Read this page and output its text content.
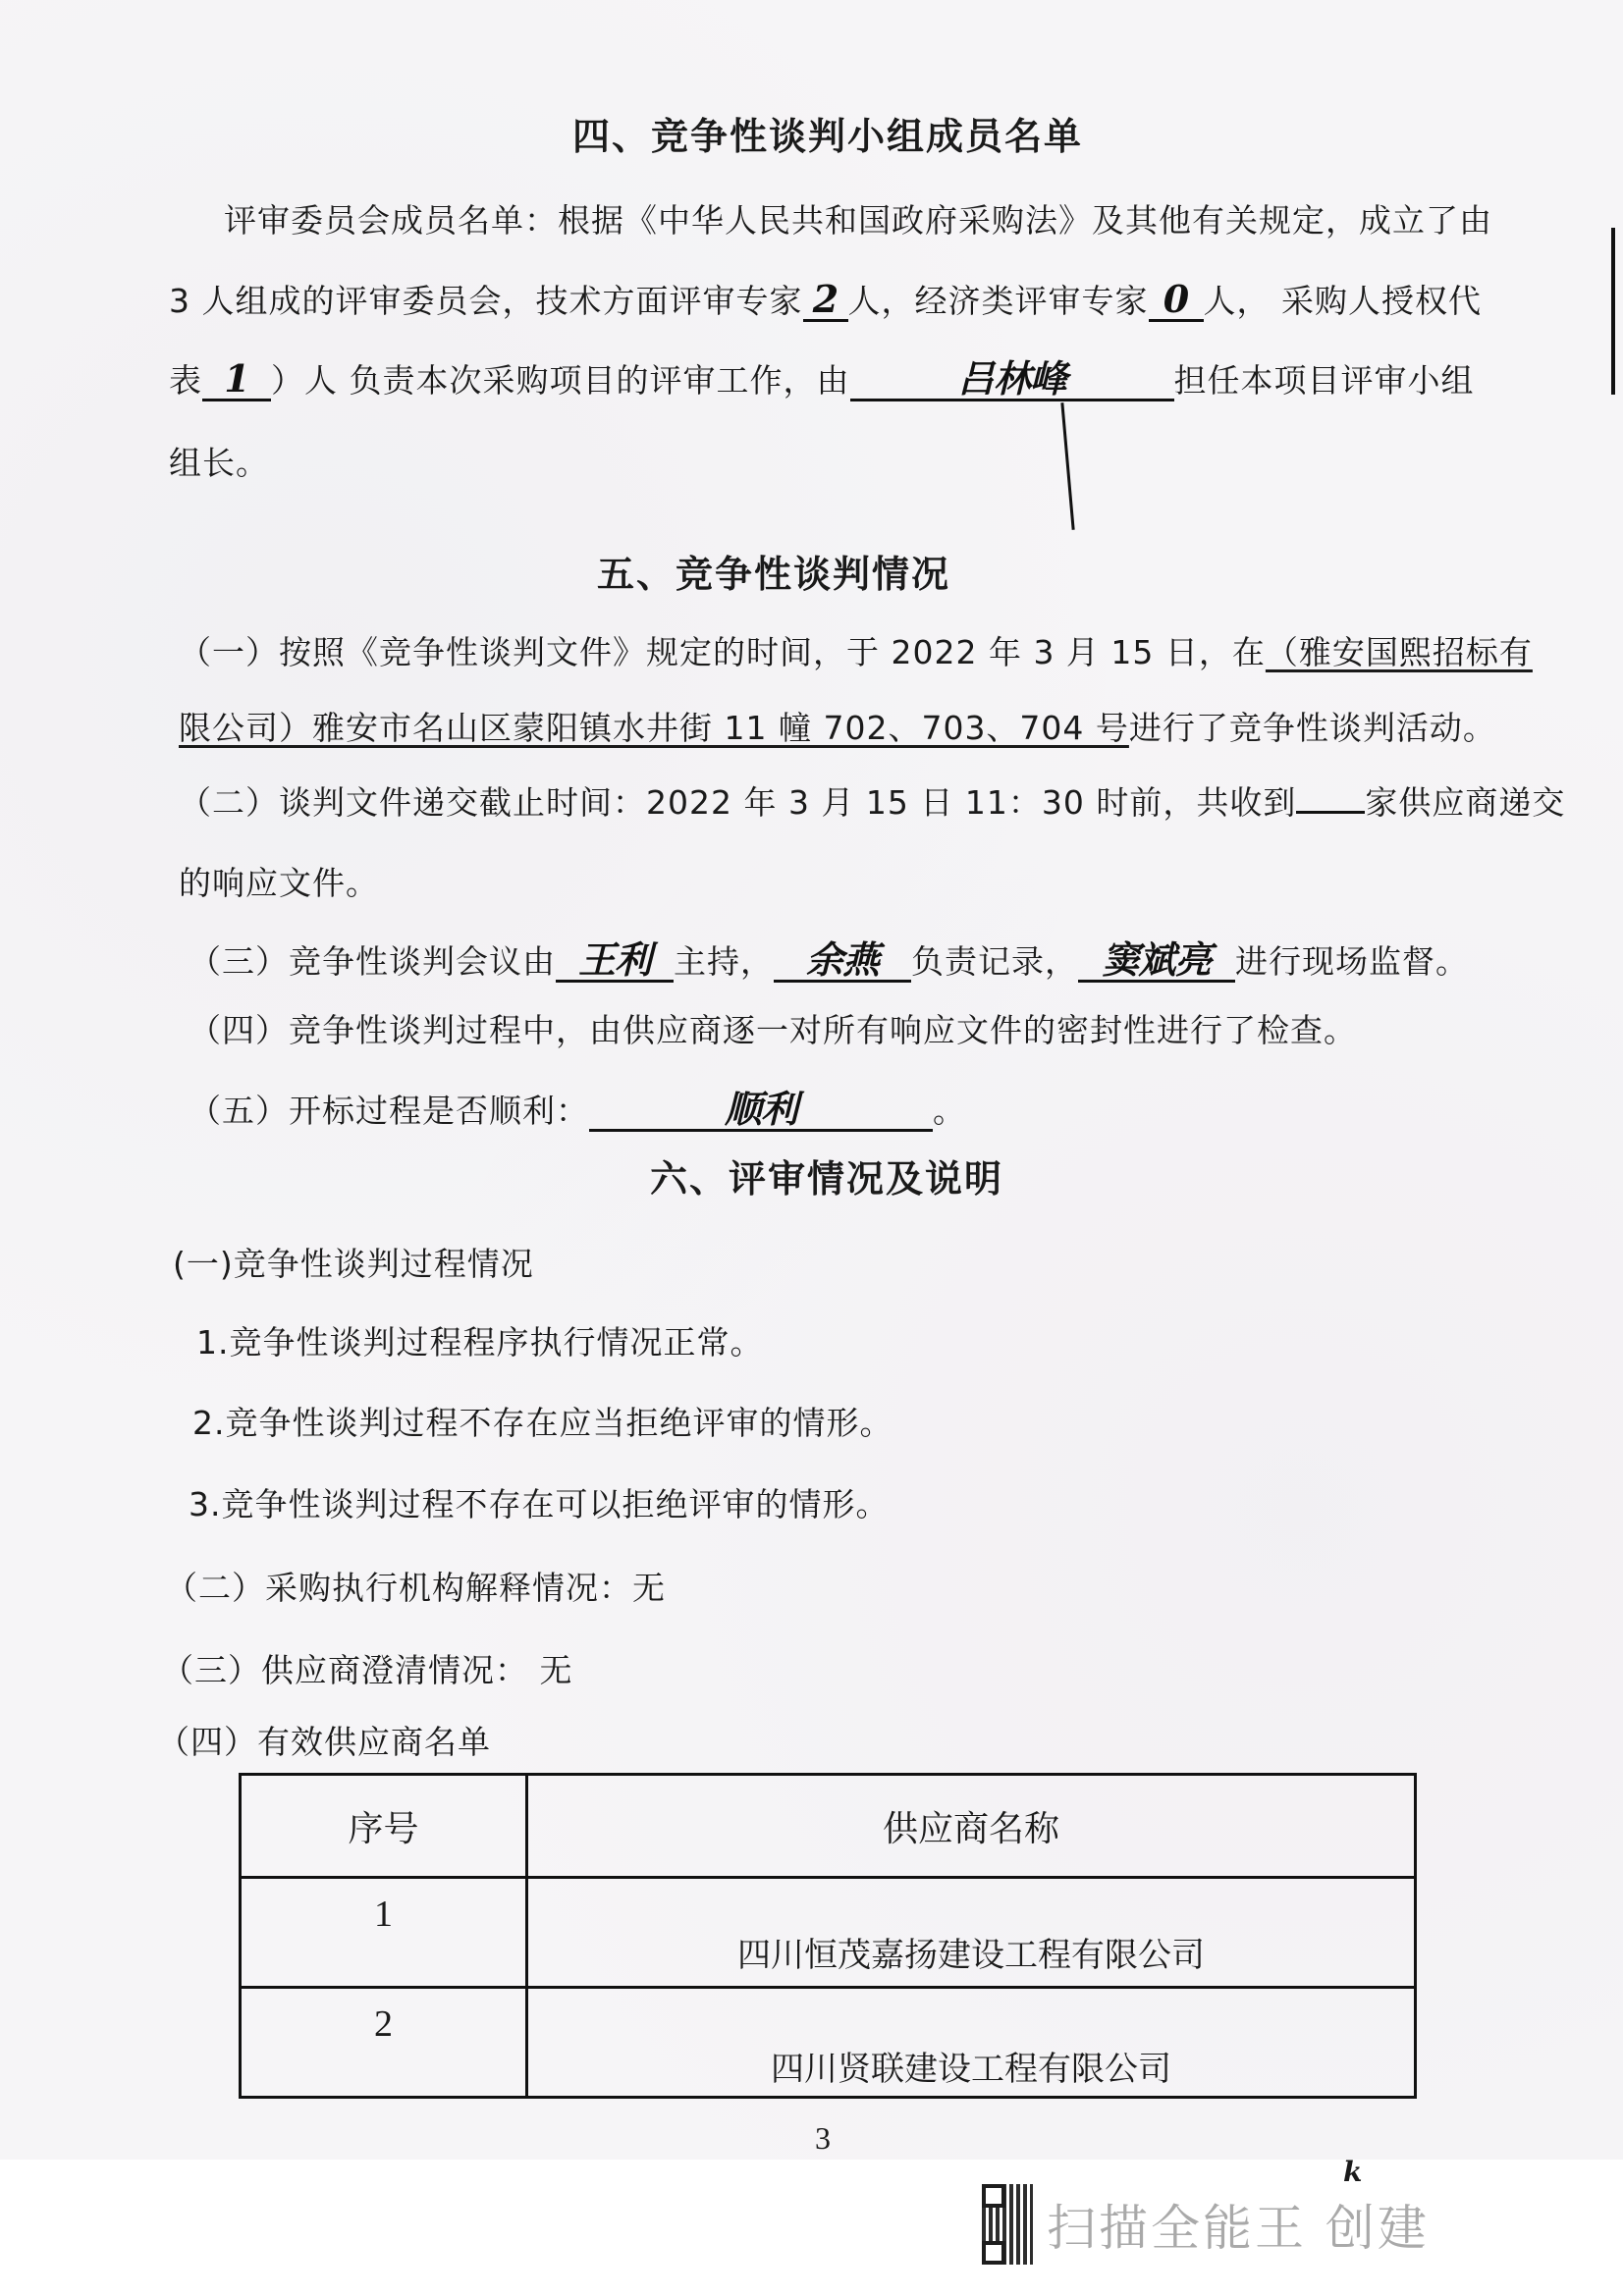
四、竞争性谈判小组成员名单
评审委员会成员名单：根据《中华人民共和国政府采购法》及其他有关规定，成立了由
3 人组成的评审委员会，技术方面评审专家 2 人，经济类评审专家 0 人， 采购人授权代
表 1 ）人 负责本次采购项目的评审工作，由	吕林峰	担任本项目评审小组
组长。
五、竞争性谈判情况
（一）按照《竞争性谈判文件》规定的时间，于 2022 年 3 月 15 日，在（雅安国熙招标有
限公司）雅安市名山区蒙阳镇水井街 11 幢 702、703、704 号进行了竞争性谈判活动。
（二）谈判文件递交截止时间：2022 年 3 月 15 日 11：30 时前，共收到 家供应商递交
的响应文件。
（三）竞争性谈判会议由 王利 主持， 余燕 负责记录， 窦斌亮 进行现场监督。
（四）竞争性谈判过程中，由供应商逐一对所有响应文件的密封性进行了检查。
（五）开标过程是否顺利：	顺利	。
六、评审情况及说明
(一)竞争性谈判过程情况
1.竞争性谈判过程程序执行情况正常。
2.竞争性谈判过程不存在应当拒绝评审的情形。
3.竞争性谈判过程不存在可以拒绝评审的情形。
（二）采购执行机构解释情况：无
（三）供应商澄清情况： 无
（四）有效供应商名单
序号	供应商名称
1	四川恒茂嘉扬建设工程有限公司
2	四川贤联建设工程有限公司
3
k
扫描全能王 创建
